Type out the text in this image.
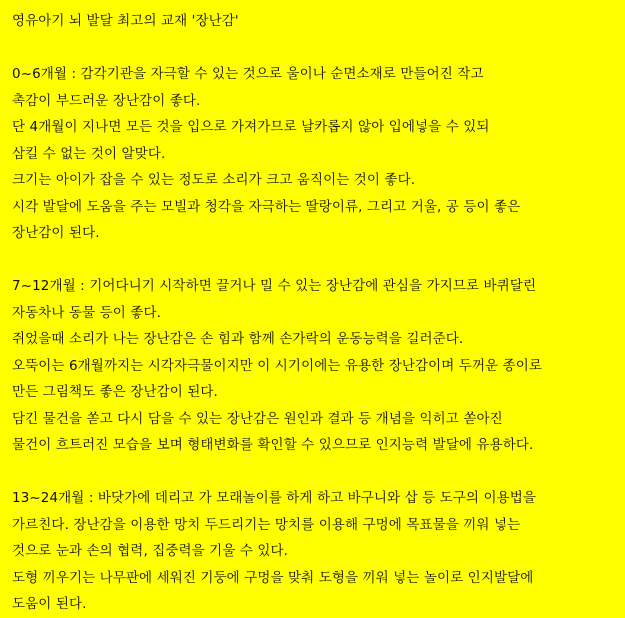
영유아기 뇌 발달 최고의 교재 '장난감'
0~6개월 : 감각기관을 자극할 수 있는 것으로 울이나 순면소재로 만들어진 작고
촉감이 부드러운 장난감이 좋다.
단 4개월이 지나면 모든 것을 입으로 가져가므로 날카롭지 않아 입에넣을 수 있되
삼킬 수 없는 것이 알맞다.
크기는 아이가 잡을 수 있는 정도로 소리가 크고 움직이는 것이 좋다.
시각 발달에 도움을 주는 모빌과 청각을 자극하는 딸랑이류, 그리고 거울, 공 등이 좋은
장난감이 된다.
7~12개월 : 기어다니기 시작하면 끌거나 밀 수 있는 장난감에 관심을 가지므로 바퀴달린
자동차나 동물 등이 좋다.
쥐었을때 소리가 나는 장난감은 손 힘과 함께 손가락의 운동능력을 길러준다.
오뚝이는 6개월까지는 시각자극물이지만 이 시기이에는 유용한 장난감이며 두꺼운 종이로
만든 그림책도 좋은 장난감이 된다.
담긴 물건을 쏟고 다시 담을 수 있는 장난감은 원인과 결과 등 개념을 익히고 쏟아진
물건이 흐트러진 모습을 보며 형태변화를 확인할 수 있으므로 인지능력 발달에 유용하다.
13~24개월 : 바닷가에 데리고 가 모래놀이를 하게 하고 바구니와 삽 등 도구의 이용법을
가르친다. 장난감을 이용한 망치 두드리기는 망치를 이용해 구멍에 목표물을 끼워 넣는
것으로 눈과 손의 협력, 집중력을 기울 수 있다.
도형 끼우기는 나무판에 세워진 기둥에 구멍을 맞춰 도형을 끼워 넣는 놀이로 인지발달에
도움이 된다.
